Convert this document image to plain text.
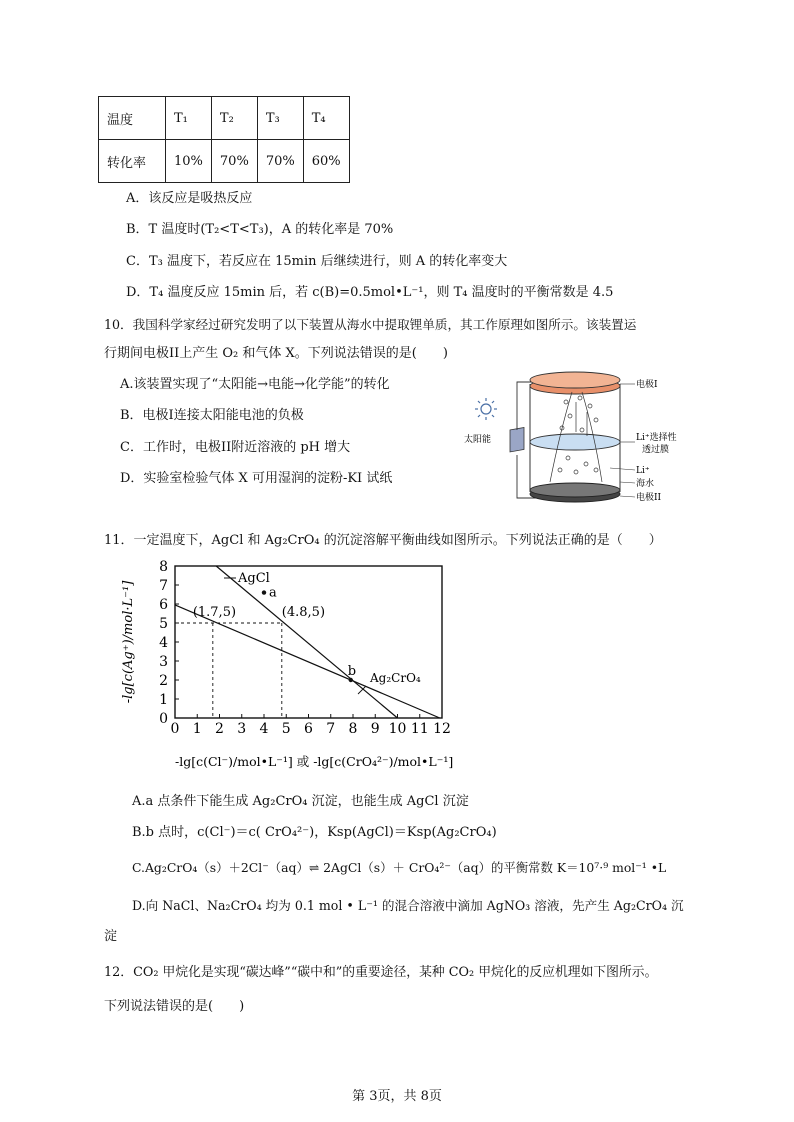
温度	T₁	T₂	T₃	T₄
转化率	10%	70%	70%	60%
A．该反应是吸热反应
B．T 温度时(T₂<T<T₃)，A 的转化率是 70%
C．T₃ 温度下，若反应在 15min 后继续进行，则 A 的转化率变大
D．T₄ 温度反应 15min 后，若 c(B)=0.5mol•L⁻¹，则 T₄ 温度时的平衡常数是 4.5
10．我国科学家经过研究发明了以下装置从海水中提取锂单质，其工作原理如图所示。该装置运
行期间电极II上产生 O₂ 和气体 X。下列说法错误的是(　　)
A.该装置实现了“太阳能→电能→化学能”的转化
B．电极I连接太阳能电池的负极
C．工作时，电极II附近溶液的 pH 增大
D．实验室检验气体 X 可用湿润的淀粉-KI 试纸
太阳能
电极I
Li⁺选择性
透过膜
Li⁺
海水
电极II
11．一定温度下，AgCl 和 Ag₂CrO₄ 的沉淀溶解平衡曲线如图所示。下列说法正确的是（　　）
0
1
2
3
4
5
6
7
8
0 1 2 3 4 5 6 7 8 9 10 11 12
(1.7,5)	(4.8,5)
a
b
-lg[c(Ag⁺)/mol·L⁻¹]
AgCl
Ag₂CrO₄
-lg[c(Cl⁻)/mol•L⁻¹] 或 -lg[c(CrO₄²⁻)/mol•L⁻¹]
A.a 点条件下能生成 Ag₂CrO₄ 沉淀，也能生成 AgCl 沉淀
B.b 点时，c(Cl⁻)＝c( CrO₄²⁻)，Ksp(AgCl)＝Ksp(Ag₂CrO₄)
C.Ag₂CrO₄（s）＋2Cl⁻（aq）⇌ 2AgCl（s）＋ CrO₄²⁻（aq）的平衡常数 K＝10⁷·⁹ mol⁻¹ •L
D.向 NaCl、Na₂CrO₄ 均为 0.1 mol • L⁻¹ 的混合溶液中滴加 AgNO₃ 溶液，先产生 Ag₂CrO₄ 沉
淀
12．CO₂ 甲烷化是实现“碳达峰”“碳中和”的重要途径，某种 CO₂ 甲烷化的反应机理如下图所示。
下列说法错误的是(　　)
第 3页，共 8页
